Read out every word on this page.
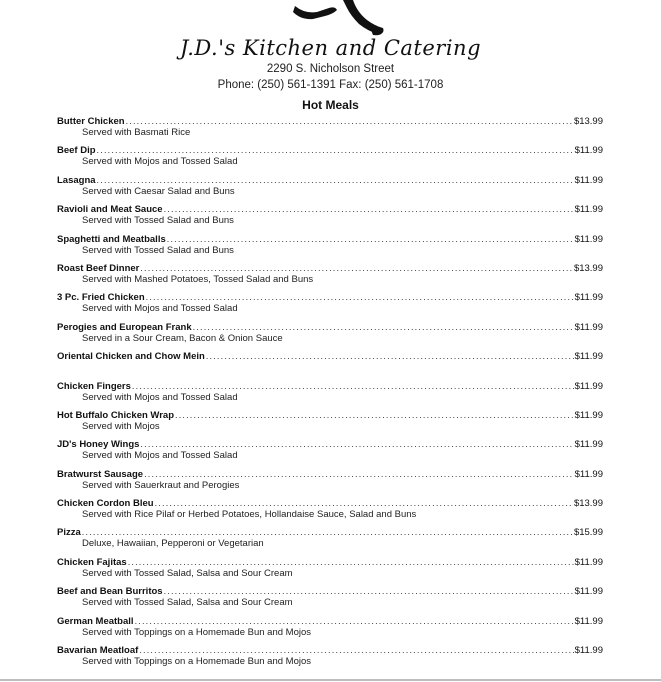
J.D.'s Kitchen and Catering
2290 S. Nicholson Street
Phone: (250) 561-1391 Fax: (250) 561-1708
Hot Meals
Butter Chicken .....	$13.99
Served with Basmati Rice
Beef Dip .....	$11.99
Served with Mojos and Tossed Salad
Lasagna .....	$11.99
Served with Caesar Salad and Buns
Ravioli and Meat Sauce .....	$11.99
Served with Tossed Salad and Buns
Spaghetti and Meatballs .....	$11.99
Served with Tossed Salad and Buns
Roast Beef Dinner .....	$13.99
Served with Mashed Potatoes, Tossed Salad and Buns
3 Pc. Fried Chicken .....	$11.99
Served with Mojos and Tossed Salad
Perogies and European Frank .....	$11.99
Served in a Sour Cream, Bacon & Onion Sauce
Oriental Chicken and Chow Mein .....	$11.99
Chicken Fingers .....	$11.99
Served with Mojos and Tossed Salad
Hot Buffalo Chicken Wrap .....	$11.99
Served with Mojos
JD's Honey Wings .....	$11.99
Served with Mojos and Tossed Salad
Bratwurst Sausage .....	$11.99
Served with Sauerkraut and Perogies
Chicken Cordon Bleu .....	$13.99
Served with Rice Pilaf or Herbed Potatoes, Hollandaise Sauce, Salad and Buns
Pizza .....	$15.99
Deluxe, Hawaiian, Pepperoni or Vegetarian
Chicken Fajitas .....	$11.99
Served with Tossed Salad, Salsa and Sour Cream
Beef and Bean Burritos .....	$11.99
Served with Tossed Salad, Salsa and Sour Cream
German Meatball .....	$11.99
Served with Toppings on a Homemade Bun and Mojos
Bavarian Meatloaf .....	$11.99
Served with Toppings on a Homemade Bun and Mojos
